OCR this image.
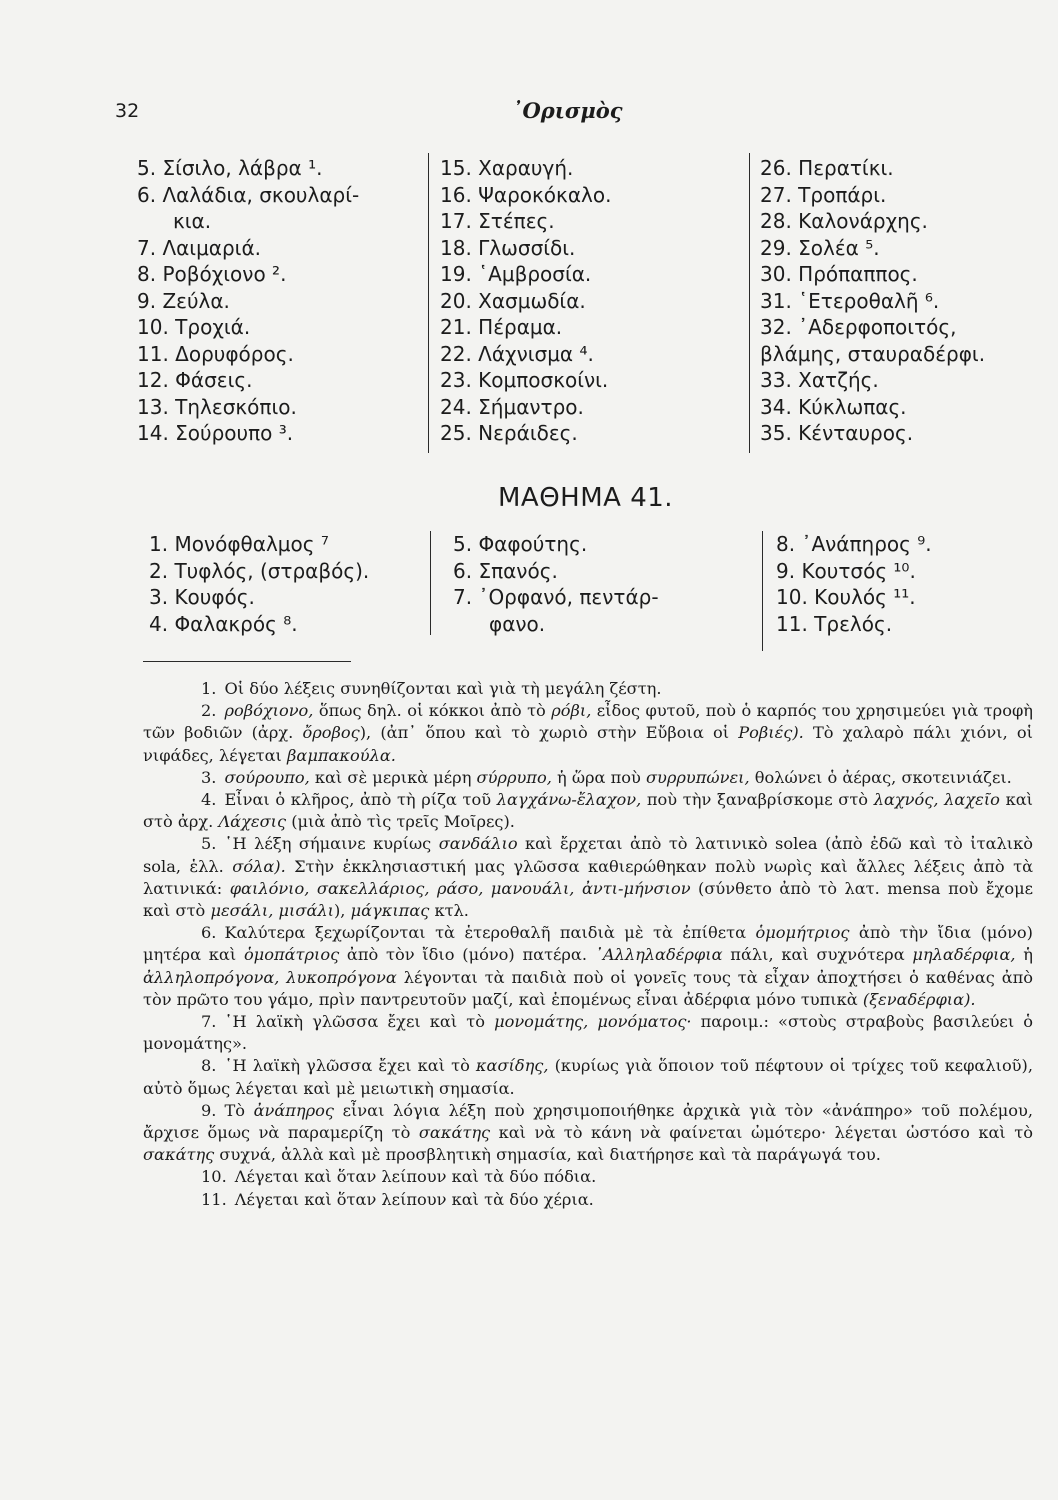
32	᾿Ορισμὸς
5. Σίσιλο, λάβρα ¹.
6. Λαλάδια, σκουλαρί-
κια.
7. Λαιμαριά.
8. Ροβόχιονο ².
9. Ζεύλα.
10. Τροχιά.
11. Δορυφόρος.
12. Φάσεις.
13. Τηλεσκόπιο.
14. Σούρουπο ³.
15. Χαραυγή.
16. Ψαροκόκαλο.
17. Στέπες.
18. Γλωσσίδι.
19. ῾Αμβροσία.
20. Χασμωδία.
21. Πέραμα.
22. Λάχνισμα ⁴.
23. Κομποσκοίνι.
24. Σήμαντρο.
25. Νεράιδες.
26. Περατίκι.
27. Τροπάρι.
28. Καλονάρχης.
29. Σολέα ⁵.
30. Πρόπαππος.
31. ῾Ετεροθαλῆ ⁶.
32. ᾿Αδερφοποιτός,
βλάμης, σταυραδέρφι.
33. Χατζής.
34. Κύκλωπας.
35. Κένταυρος.
ΜΑΘΗΜΑ 41.
1. Μονόφθαλμος ⁷
2. Τυφλός, (στραβός).
3. Κουφός.
4. Φαλακρός ⁸.
5. Φαφούτης.
6. Σπανός.
7. ᾿Ορφανό, πεντάρ-
φανο.
8. ᾿Ανάπηρος ⁹.
9. Κουτσός ¹⁰.
10. Κουλός ¹¹.
11. Τρελός.

1. Οἱ δύο λέξεις συνηθίζονται καὶ γιὰ τὴ μεγάλη ζέστη.

2. ροβόχιονο, ὅπως δηλ. οἱ κόκκοι ἀπὸ τὸ ρόβι, εἶδος φυτοῦ, ποὺ ὁ καρπός του χρησιμεύει γιὰ τροφὴ τῶν βοδιῶν (ἀρχ. ὄροβος), (ἀπ᾿ ὅπου καὶ τὸ χωριὸ στὴν Εὔβοια οἱ Ροβιές). Τὸ χαλαρὸ πάλι χιόνι, οἱ νιφάδες, λέγεται βαμπακούλα.

3. σούρουπο, καὶ σὲ μερικὰ μέρη σύρρυπο, ἡ ὥρα ποὺ συρρυπώνει, θολώνει ὁ ἀέρας, σκοτεινιάζει.

4. Εἶναι ὁ κλῆρος, ἀπὸ τὴ ρίζα τοῦ λαγχάνω-ἔλαχον, ποὺ τὴν ξαναβρίσκομε στὸ λαχνός, λαχεῖο καὶ στὸ ἀρχ. Λάχεσις (μιὰ ἀπὸ τὶς τρεῖς Μοῖρες).

5. ῾Η λέξη σήμαινε κυρίως σανδάλιο καὶ ἔρχεται ἀπὸ τὸ λατινικὸ solea (ἀπὸ ἐδῶ καὶ τὸ ἰταλικὸ sola, ἑλλ. σόλα). Στὴν ἐκκλησιαστική μας γλῶσσα καθιερώθηκαν πολὺ νωρὶς καὶ ἄλλες λέξεις ἀπὸ τὰ λατινικά: φαιλόνιο, σακελλάριος, ράσο, μανουάλι, ἀντι-μήνσιον (σύνθετο ἀπὸ τὸ λατ. mensa ποὺ ἔχομε καὶ στὸ μεσάλι, μισάλι), μάγκιπας κτλ.

6. Καλύτερα ξεχωρίζονται τὰ ἑτεροθαλῆ παιδιὰ μὲ τὰ ἐπίθετα ὁμομήτριος ἀπὸ τὴν ἴδια (μόνο) μητέρα καὶ ὁμοπάτριος ἀπὸ τὸν ἴδιο (μόνο) πατέρα. ᾿Αλληλαδέρφια πάλι, καὶ συχνότερα μηλαδέρφια, ἡ ἀλληλοπρόγονα, λυκοπρόγονα λέγονται τὰ παιδιὰ ποὺ οἱ γονεῖς τους τὰ εἶχαν ἀποχτήσει ὁ καθένας ἀπὸ τὸν πρῶτο του γάμο, πρὶν παντρευτοῦν μαζί, καὶ ἑπομένως εἶναι ἀδέρφια μόνο τυπικὰ (ξεναδέρφια).

7. ῾Η λαϊκὴ γλῶσσα ἔχει καὶ τὸ μονομάτης, μονόματος· παροιμ.: «στοὺς στραβοὺς βασιλεύει ὁ μονομάτης».

8. ῾Η λαϊκὴ γλῶσσα ἔχει καὶ τὸ κασίδης, (κυρίως γιὰ ὅποιον τοῦ πέφτουν οἱ τρίχες τοῦ κεφαλιοῦ), αὐτὸ ὅμως λέγεται καὶ μὲ μειωτικὴ σημασία.

9. Τὸ ἀνάπηρος εἶναι λόγια λέξη ποὺ χρησιμοποιήθηκε ἀρχικὰ γιὰ τὸν «ἀνάπηρο» τοῦ πολέμου, ἄρχισε ὅμως νὰ παραμερίζη τὸ σακάτης καὶ νὰ τὸ κάνη νὰ φαίνεται ὠμότερο· λέγεται ὡστόσο καὶ τὸ σακάτης συχνά, ἀλλὰ καὶ μὲ προσβλητικὴ σημασία, καὶ διατήρησε καὶ τὰ παράγωγά του.

10. Λέγεται καὶ ὅταν λείπουν καὶ τὰ δύο πόδια.

11. Λέγεται καὶ ὅταν λείπουν καὶ τὰ δύο χέρια.
